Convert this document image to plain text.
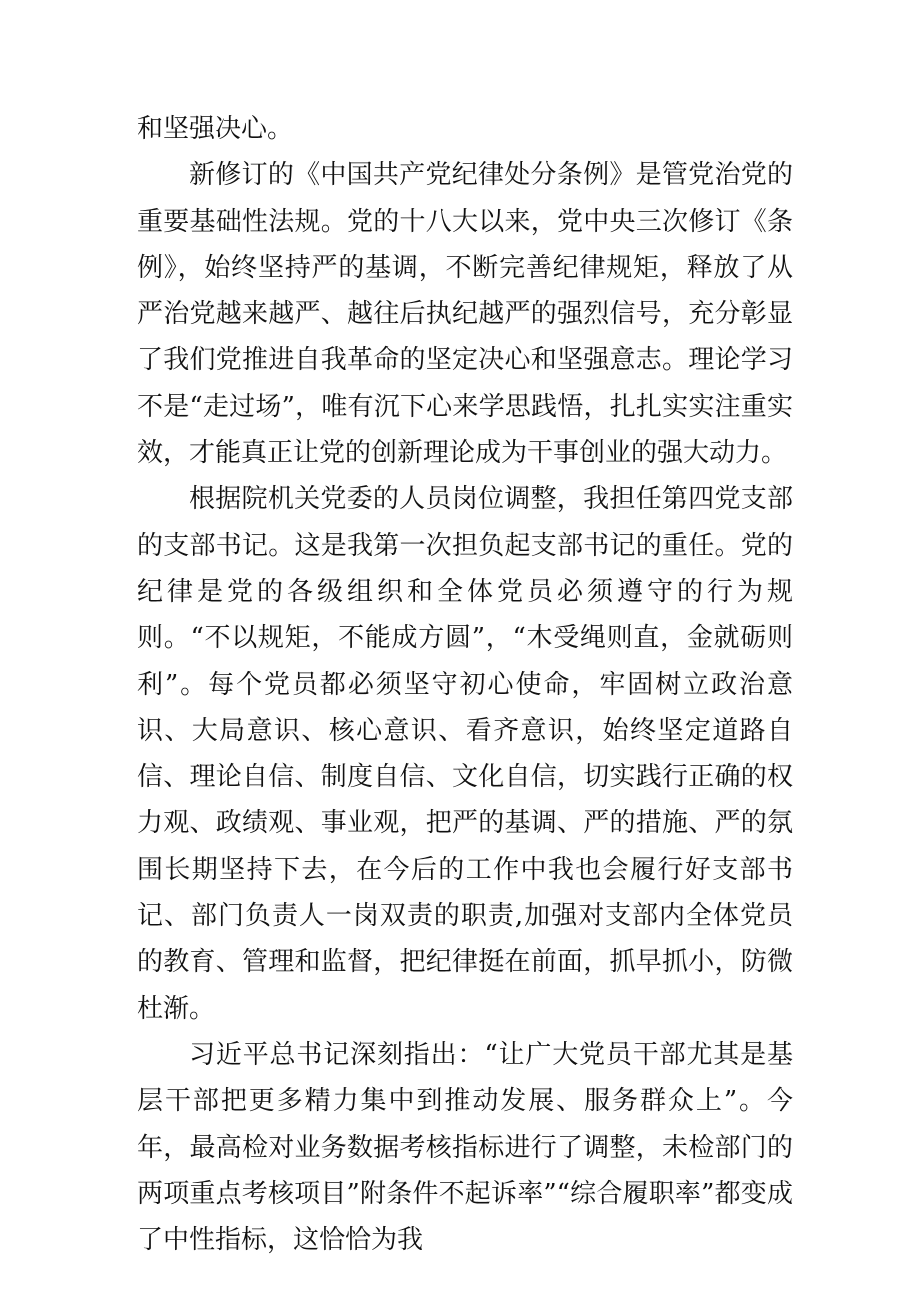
和坚强决心。

新修订的《中国共产党纪律处分条例》是管党治党的重要基础性法规。党的十八大以来，党中央三次修订《条例》，始终坚持严的基调，不断完善纪律规矩，释放了从严治党越来越严、越往后执纪越严的强烈信号，充分彰显了我们党推进自我革命的坚定决心和坚强意志。理论学习不是“走过场”，唯有沉下心来学思践悟，扎扎实实注重实效，才能真正让党的创新理论成为干事创业的强大动力。

根据院机关党委的人员岗位调整，我担任第四党支部的支部书记。这是我第一次担负起支部书记的重任。党的纪律是党的各级组织和全体党员必须遵守的行为规则。“不以规矩，不能成方圆”，“木受绳则直，金就砺则利”。每个党员都必须坚守初心使命，牢固树立政治意识、大局意识、核心意识、看齐意识，始终坚定道路自信、理论自信、制度自信、文化自信，切实践行正确的权力观、政绩观、事业观，把严的基调、严的措施、严的氛围长期坚持下去，在今后的工作中我也会履行好支部书记、部门负责人一岗双责的职责,加强对支部内全体党员的教育、管理和监督，把纪律挺在前面，抓早抓小，防微杜渐。

习近平总书记深刻指出：“让广大党员干部尤其是基层干部把更多精力集中到推动发展、服务群众上”。今年，最高检对业务数据考核指标进行了调整，未检部门的两项重点考核项目”附条件不起诉率”“综合履职率”都变成了中性指标，这恰恰为我
